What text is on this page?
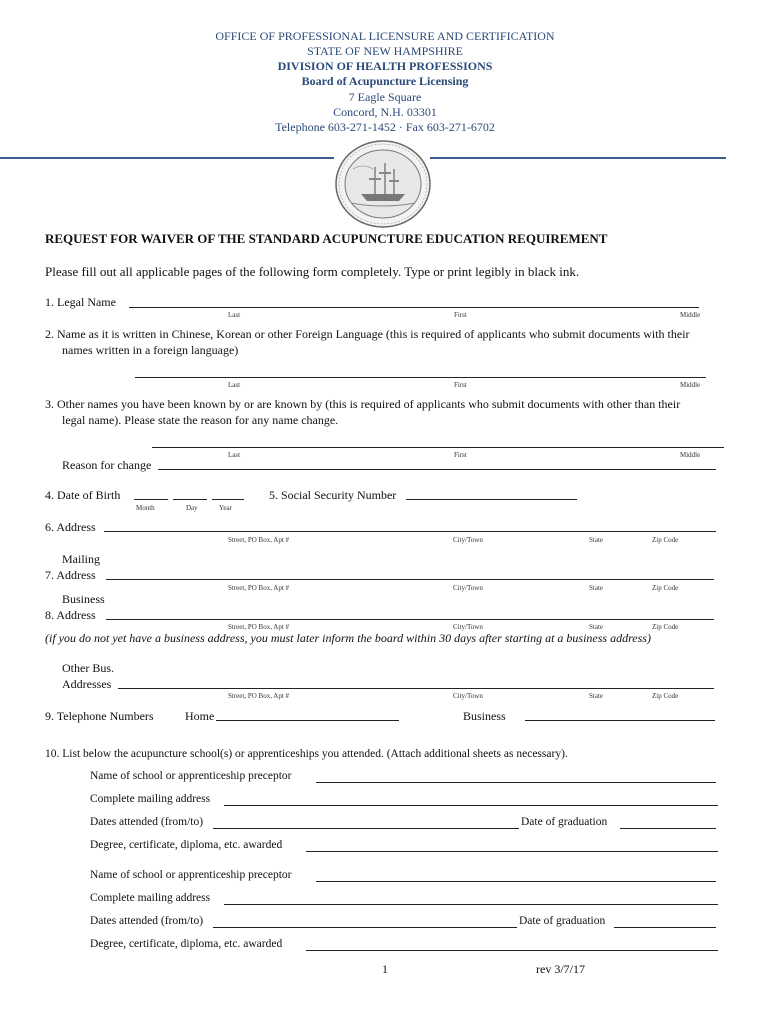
OFFICE OF PROFESSIONAL LICENSURE AND CERTIFICATION
STATE OF NEW HAMPSHIRE
DIVISION OF HEALTH PROFESSIONS
Board of Acupuncture Licensing
7 Eagle Square
Concord, N.H. 03301
Telephone 603-271-1452 · Fax 603-271-6702
REQUEST FOR WAIVER OF THE STANDARD ACUPUNCTURE EDUCATION REQUIREMENT
Please fill out all applicable pages of the following form completely. Type or print legibly in black ink.
1. Legal Name
Last	First	Middle
2. Name as it is written in Chinese, Korean or other Foreign Language (this is required of applicants who submit documents with their
names written in a foreign language)
Last	First	Middle
3. Other names you have been known by or are known by (this is required of applicants who submit documents with other than their
legal name). Please state the reason for any name change.
Last	First	Middle
Reason for change
4. Date of Birth
Month	Day	Year
5. Social Security Number
6. Address
Street, PO Box, Apt #	City/Town	State	Zip Code
Mailing
7. Address
Street, PO Box, Apt #	City/Town	State	Zip Code
Business
8. Address
Street, PO Box, Apt #	City/Town	State	Zip Code
(if you do not yet have a business address, you must later inform the board within 30 days after starting at a business address)
Other Bus.
Addresses
Street, PO Box, Apt #	City/Town	State	Zip Code
9. Telephone Numbers	Home	Business
10. List below the acupuncture school(s) or apprenticeships you attended. (Attach additional sheets as necessary).
Name of school or apprenticeship preceptor
Complete mailing address
Dates attended (from/to)	Date of graduation
Degree, certificate, diploma, etc. awarded
Name of school or apprenticeship preceptor
Complete mailing address
Dates attended (from/to)	Date of graduation
Degree, certificate, diploma, etc. awarded
1	rev 3/7/17
